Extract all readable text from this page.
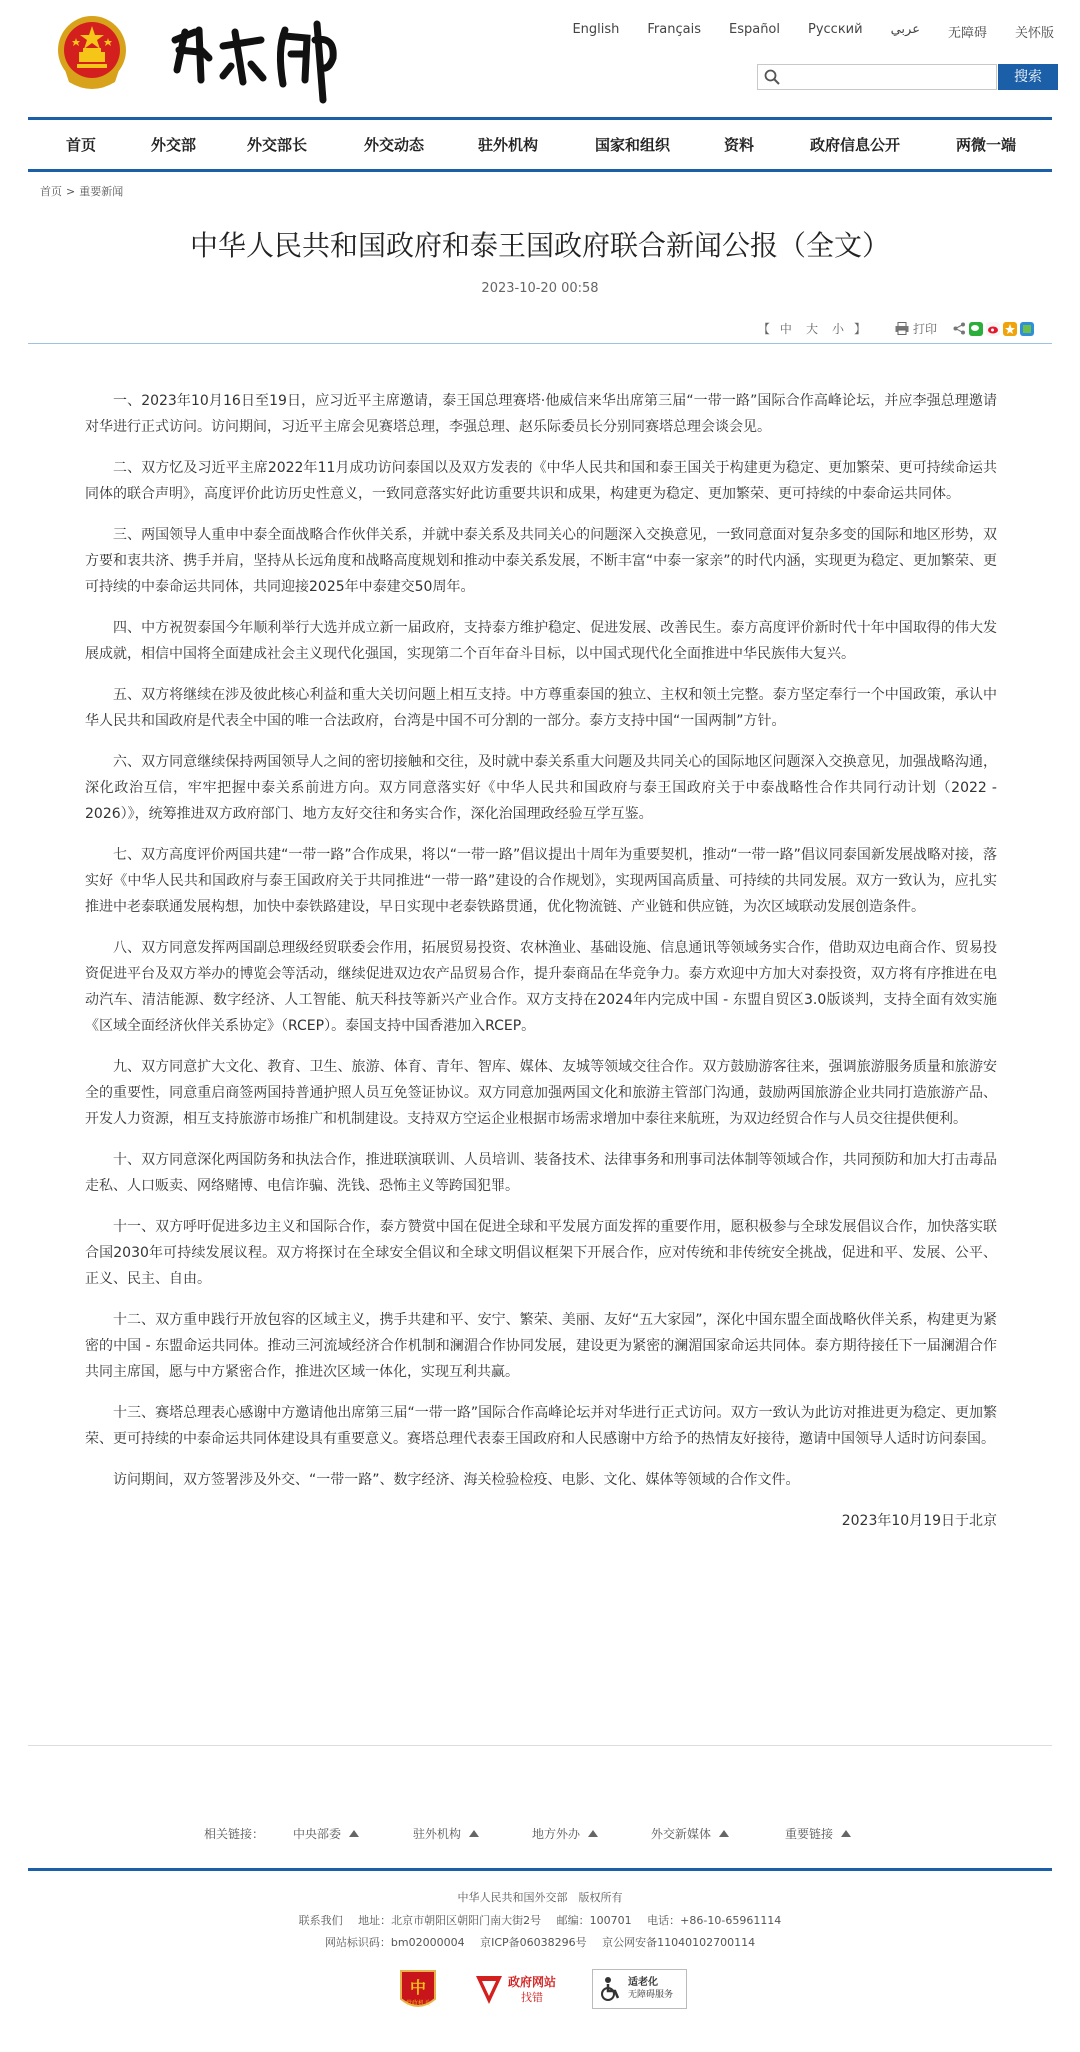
English	Français	Español	Русский	عربي	无障碍	关怀版
搜索
首页	外交部	外交部长	外交动态	驻外机构	国家和组织	资料	政府信息公开	两微一端
首页 > 重要新闻
中华人民共和国政府和泰王国政府联合新闻公报（全文）
2023-10-20 00:58
【 中 大 小 】	打印

一、2023年10月16日至19日，应习近平主席邀请，泰王国总理赛塔·他威信来华出席第三届“一带一路”国际合作高峰论坛，并应李强总理邀请对华进行正式访问。访问期间，习近平主席会见赛塔总理，李强总理、赵乐际委员长分别同赛塔总理会谈会见。

二、双方忆及习近平主席2022年11月成功访问泰国以及双方发表的《中华人民共和国和泰王国关于构建更为稳定、更加繁荣、更可持续命运共同体的联合声明》，高度评价此访历史性意义，一致同意落实好此访重要共识和成果，构建更为稳定、更加繁荣、更可持续的中泰命运共同体。

三、两国领导人重申中泰全面战略合作伙伴关系，并就中泰关系及共同关心的问题深入交换意见，一致同意面对复杂多变的国际和地区形势，双方要和衷共济、携手并肩，坚持从长远角度和战略高度规划和推动中泰关系发展，不断丰富“中泰一家亲”的时代内涵，实现更为稳定、更加繁荣、更可持续的中泰命运共同体，共同迎接2025年中泰建交50周年。

四、中方祝贺泰国今年顺利举行大选并成立新一届政府，支持泰方维护稳定、促进发展、改善民生。泰方高度评价新时代十年中国取得的伟大发展成就，相信中国将全面建成社会主义现代化强国，实现第二个百年奋斗目标，以中国式现代化全面推进中华民族伟大复兴。

五、双方将继续在涉及彼此核心利益和重大关切问题上相互支持。中方尊重泰国的独立、主权和领土完整。泰方坚定奉行一个中国政策，承认中华人民共和国政府是代表全中国的唯一合法政府，台湾是中国不可分割的一部分。泰方支持中国“一国两制”方针。

六、双方同意继续保持两国领导人之间的密切接触和交往，及时就中泰关系重大问题及共同关心的国际地区问题深入交换意见，加强战略沟通，深化政治互信，牢牢把握中泰关系前进方向。双方同意落实好《中华人民共和国政府与泰王国政府关于中泰战略性合作共同行动计划（2022 - 2026）》，统筹推进双方政府部门、地方友好交往和务实合作，深化治国理政经验互学互鉴。

七、双方高度评价两国共建“一带一路”合作成果，将以“一带一路”倡议提出十周年为重要契机，推动“一带一路”倡议同泰国新发展战略对接，落实好《中华人民共和国政府与泰王国政府关于共同推进“一带一路”建设的合作规划》，实现两国高质量、可持续的共同发展。双方一致认为，应扎实推进中老泰联通发展构想，加快中泰铁路建设，早日实现中老泰铁路贯通，优化物流链、产业链和供应链，为次区域联动发展创造条件。

八、双方同意发挥两国副总理级经贸联委会作用，拓展贸易投资、农林渔业、基础设施、信息通讯等领域务实合作，借助双边电商合作、贸易投资促进平台及双方举办的博览会等活动，继续促进双边农产品贸易合作，提升泰商品在华竞争力。泰方欢迎中方加大对泰投资，双方将有序推进在电动汽车、清洁能源、数字经济、人工智能、航天科技等新兴产业合作。双方支持在2024年内完成中国 - 东盟自贸区3.0版谈判，支持全面有效实施《区域全面经济伙伴关系协定》（RCEP）。泰国支持中国香港加入RCEP。

九、双方同意扩大文化、教育、卫生、旅游、体育、青年、智库、媒体、友城等领域交往合作。双方鼓励游客往来，强调旅游服务质量和旅游安全的重要性，同意重启商签两国持普通护照人员互免签证协议。双方同意加强两国文化和旅游主管部门沟通，鼓励两国旅游企业共同打造旅游产品、开发人力资源，相互支持旅游市场推广和机制建设。支持双方空运企业根据市场需求增加中泰往来航班，为双边经贸合作与人员交往提供便利。

十、双方同意深化两国防务和执法合作，推进联演联训、人员培训、装备技术、法律事务和刑事司法体制等领域合作，共同预防和加大打击毒品走私、人口贩卖、网络赌博、电信诈骗、洗钱、恐怖主义等跨国犯罪。

十一、双方呼吁促进多边主义和国际合作，泰方赞赏中国在促进全球和平发展方面发挥的重要作用，愿积极参与全球发展倡议合作，加快落实联合国2030年可持续发展议程。双方将探讨在全球安全倡议和全球文明倡议框架下开展合作，应对传统和非传统安全挑战，促进和平、发展、公平、正义、民主、自由。

十二、双方重申践行开放包容的区域主义，携手共建和平、安宁、繁荣、美丽、友好“五大家园”，深化中国东盟全面战略伙伴关系，构建更为紧密的中国 - 东盟命运共同体。推动三河流域经济合作机制和澜湄合作协同发展，建设更为紧密的澜湄国家命运共同体。泰方期待接任下一届澜湄合作共同主席国，愿与中方紧密合作，推进次区域一体化，实现互利共赢。

十三、赛塔总理表心感谢中方邀请他出席第三届“一带一路”国际合作高峰论坛并对华进行正式访问。双方一致认为此访对推进更为稳定、更加繁荣、更可持续的中泰命运共同体建设具有重要意义。赛塔总理代表泰王国政府和人民感谢中方给予的热情友好接待，邀请中国领导人适时访问泰国。

访问期间，双方签署涉及外交、“一带一路”、数字经济、海关检验检疫、电影、文化、媒体等领域的合作文件。

2023年10月19日于北京

相关链接： 中央部委	驻外机构	地方外办	外交新媒体	重要链接
中华人民共和国外交部　版权所有
联系我们 地址：北京市朝阳区朝阳门南大街2号 邮编：100701 电话：+86-10-65961114
网站标识码：bm02000004 京ICP备06038296号 京公网安备11040102700114
中
党政机关
政府网站
找错
适老化
无障碍服务
